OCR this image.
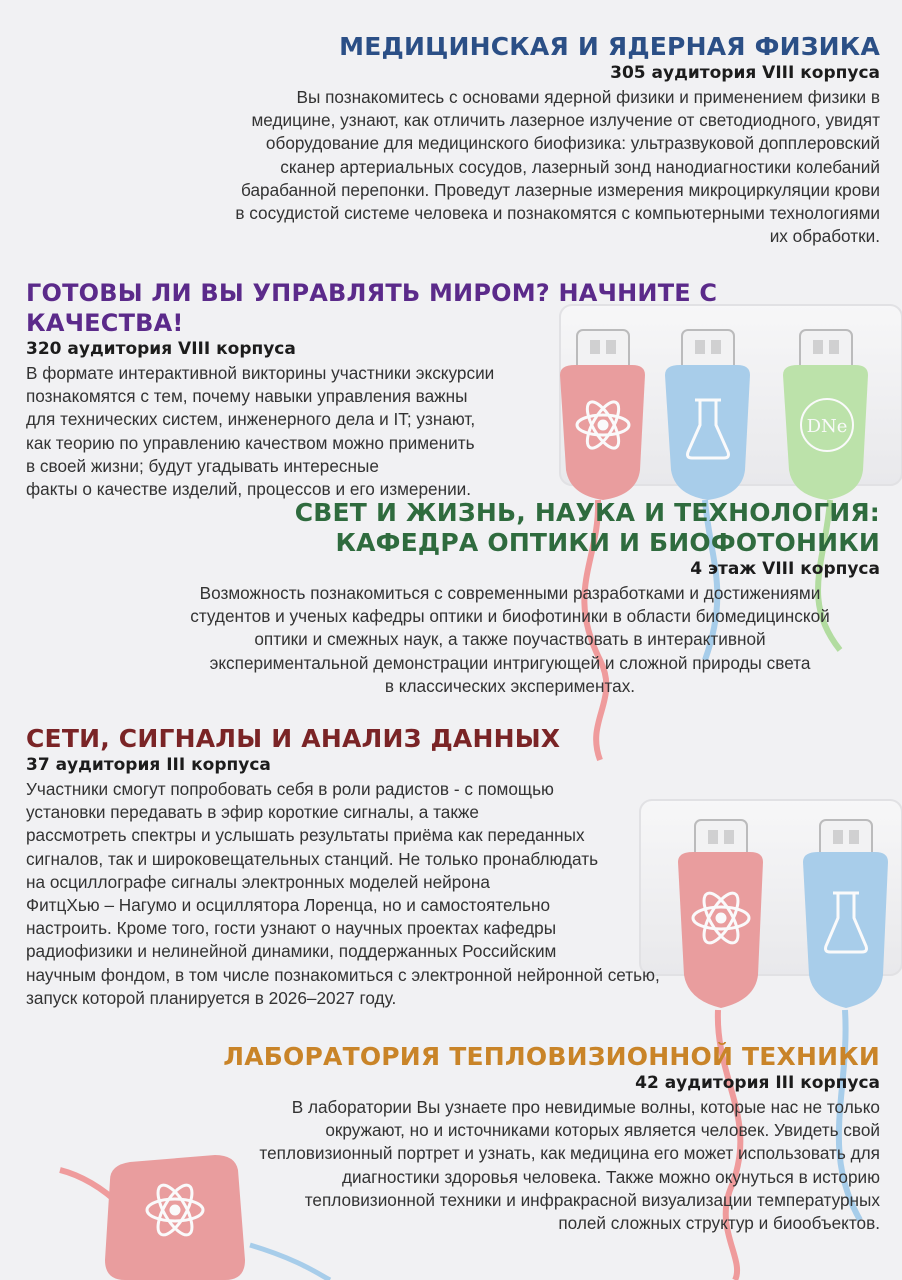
DNe
МЕДИЦИНСКАЯ И ЯДЕРНАЯ ФИЗИКА

305 аудитория VIII корпуса

Вы познакомитесь с основами ядерной физики и применением физики в
медицине, узнают, как отличить лазерное излучение от светодиодного, увидят
оборудование для медицинского биофизика: ультразвуковой допплеровский
сканер артериальных сосудов, лазерный зонд нанодиагностики колебаний
барабанной перепонки. Проведут лазерные измерения микроциркуляции крови
в сосудистой системе человека и познакомятся с компьютерными технологиями
их обработки.
ГОТОВЫ ЛИ ВЫ УПРАВЛЯТЬ МИРОМ? НАЧНИТЕ С КАЧЕСТВА!

320 аудитория VIII корпуса

В формате интерактивной викторины участники экскурсии
познакомятся с тем, почему навыки управления важны
для технических систем, инженерного дела и IT; узнают,
как теорию по управлению качеством можно применить
в своей жизни; будут угадывать интересные
факты о качестве изделий, процессов и его измерении.
СВЕТ И ЖИЗНЬ, НАУКА И ТЕХНОЛОГИЯ:
КАФЕДРА ОПТИКИ И БИОФОТОНИКИ

4 этаж VIII корпуса

Возможность познакомиться с современными разработками и достижениями
студентов и ученых кафедры оптики и биофотиники в области биомедицинской
оптики и смежных наук, а также поучаствовать в интерактивной
экспериментальной демонстрации интригующей и сложной природы света
в классических экспериментах.
СЕТИ, СИГНАЛЫ И АНАЛИЗ ДАННЫХ

37 аудитория III корпуса

Участники смогут попробовать себя в роли радистов - с помощью
установки передавать в эфир короткие сигналы, а также
рассмотреть спектры и услышать результаты приёма как переданных
сигналов, так и широковещательных станций. Не только пронаблюдать
на осциллографе сигналы электронных моделей нейрона
ФитцХью – Нагумо и осциллятора Лоренца, но и самостоятельно
настроить. Кроме того, гости узнают о научных проектах кафедры
радиофизики и нелинейной динамики, поддержанных Российским
научным фондом, в том числе познакомиться с электронной нейронной сетью,
запуск которой планируется в 2026–2027 году.
ЛАБОРАТОРИЯ ТЕПЛОВИЗИОННОЙ ТЕХНИКИ

42 аудитория III корпуса

В лаборатории Вы узнаете про невидимые волны, которые нас не только
окружают, но и источниками которых является человек. Увидеть свой
тепловизионный портрет и узнать, как медицина его может использовать для
диагностики здоровья человека. Также можно окунуться в историю
тепловизионной техники и инфракрасной визуализации температурных
полей сложных структур и биообъектов.
